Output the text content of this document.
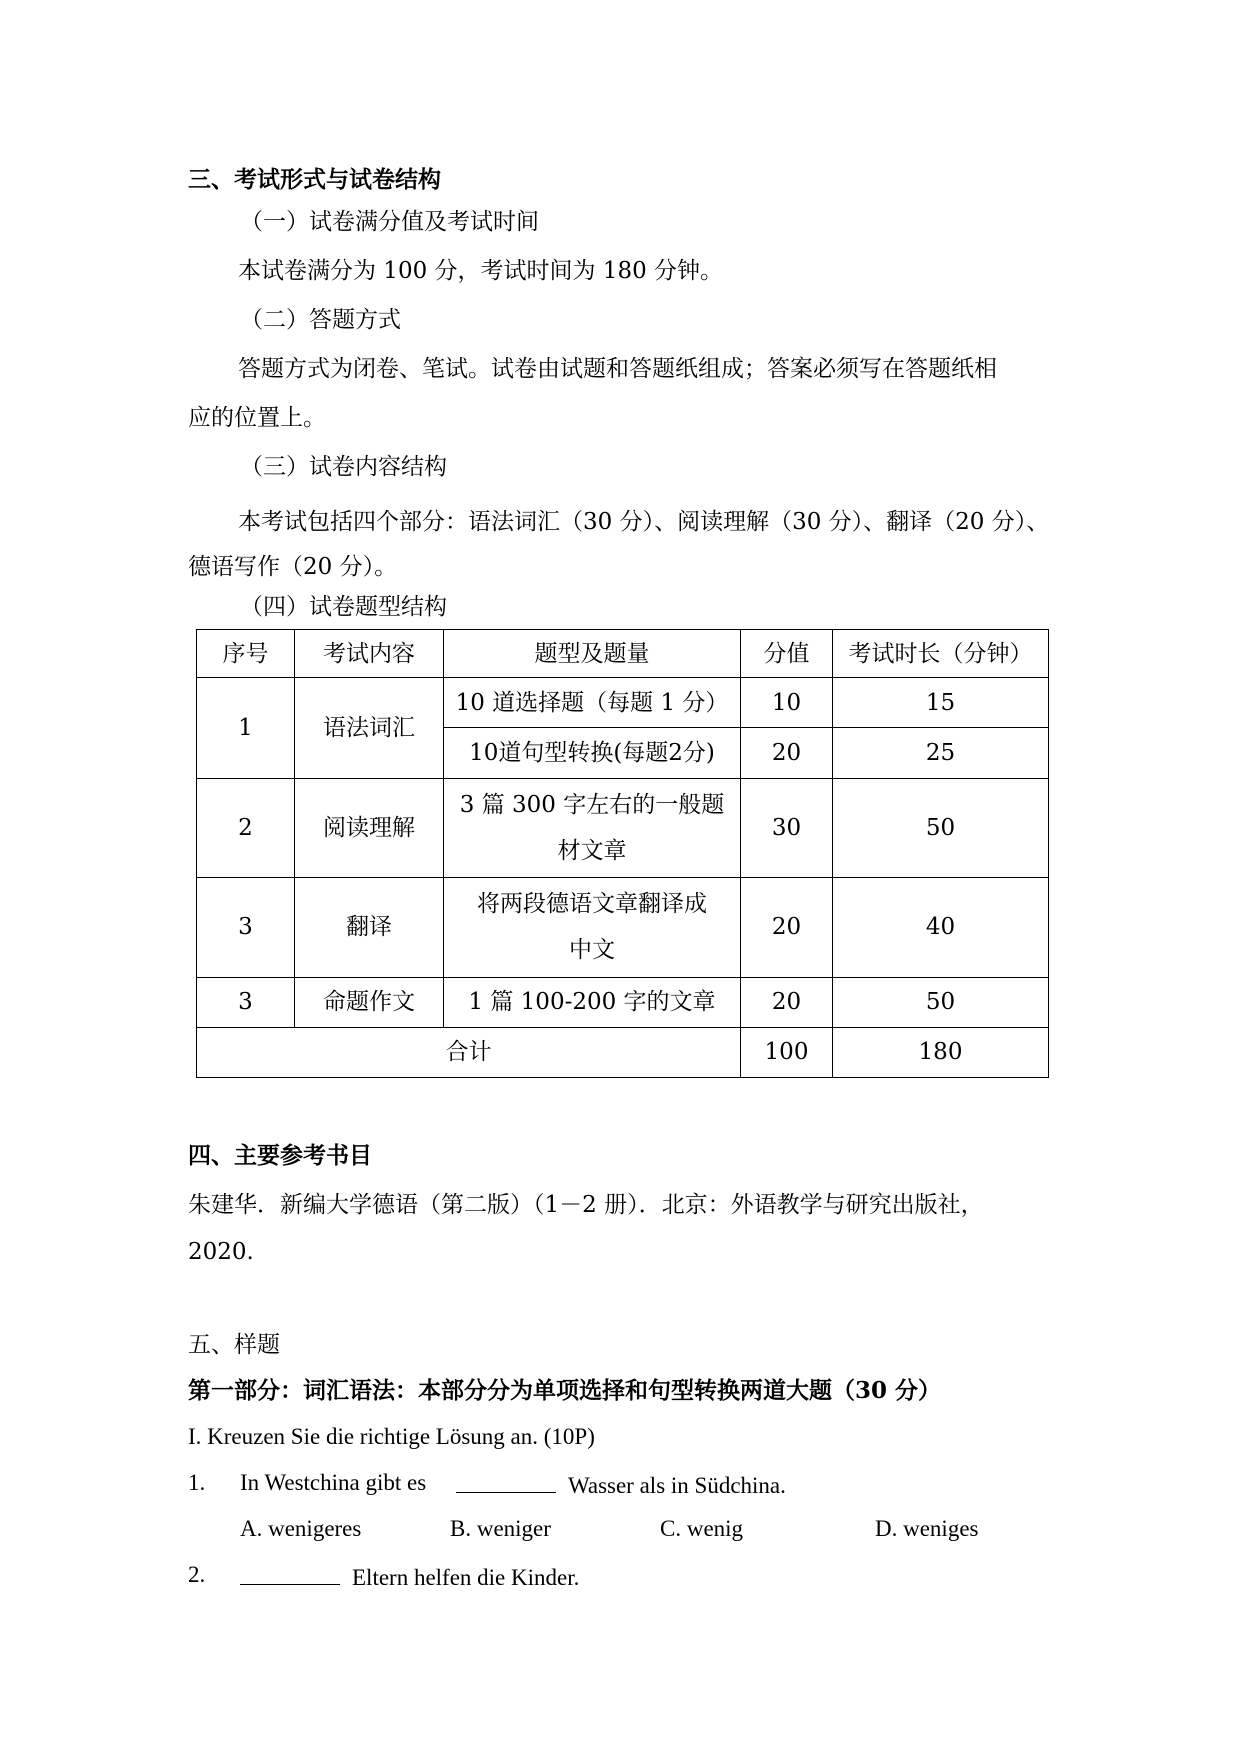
三、考试形式与试卷结构
（一）试卷满分值及考试时间
本试卷满分为 100 分，考试时间为 180 分钟。
（二）答题方式
答题方式为闭卷、笔试。试卷由试题和答题纸组成；答案必须写在答题纸相
应的位置上。
（三）试卷内容结构
本考试包括四个部分：语法词汇（30 分）、阅读理解（30 分）、翻译（20 分）、
德语写作（20 分）。
（四）试卷题型结构
序号	考试内容	题型及题量	分值	考试时长（分钟）
1	语法词汇	10 道选择题（每题 1 分）	10	15
		10道句型转换(每题2分)	20	25
2	阅读理解	3 篇 300 字左右的一般题
材文章	30	50
3	翻译	将两段德语文章翻译成
中文	20	40
3	命题作文	1 篇 100-200 字的文章	20	50
合计			100	180
四、主要参考书目
朱建华．新编大学德语（第二版）（1－2 册）．北京：外语教学与研究出版社，
2020.
五、样题
第一部分：词汇语法：本部分分为单项选择和句型转换两道大题（30 分）
I. Kreuzen Sie die richtige Lösung an. (10P)
1. In Westchina gibt es	Wasser als in Südchina.
A. wenigeres	B. weniger	C. wenig	D. weniges
2.	Eltern helfen die Kinder.
